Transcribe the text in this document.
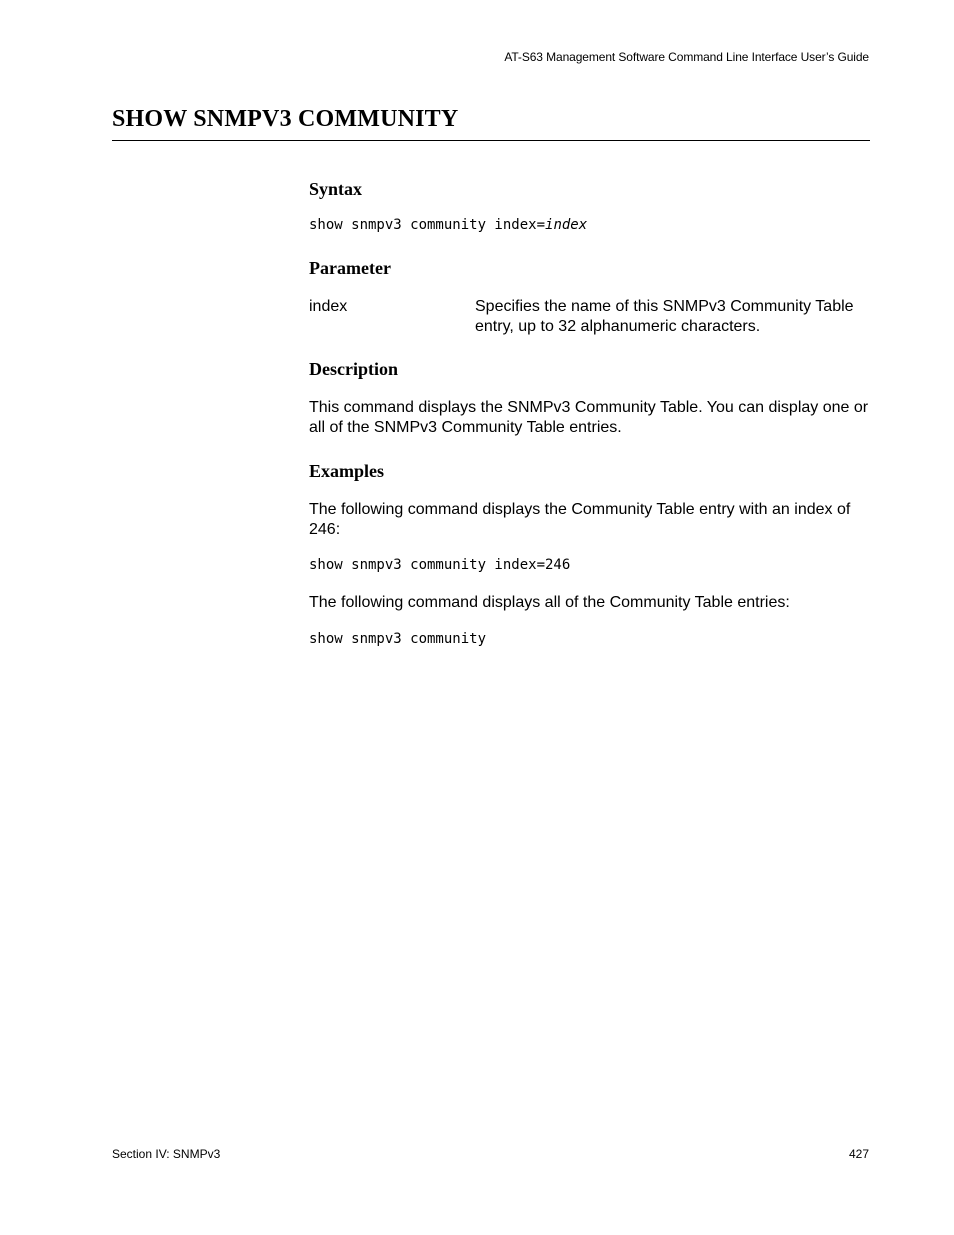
AT-S63 Management Software Command Line Interface User’s Guide
SHOW SNMPV3 COMMUNITY
Syntax
show snmpv3 community index=index
Parameter
index	Specifies the name of this SNMPv3 Community Table entry, up to 32 alphanumeric characters.
Description

This command displays the SNMPv3 Community Table. You can display one or all of the SNMPv3 Community Table entries.

Examples

The following command displays the Community Table entry with an index of 246:

show snmpv3 community index=246

The following command displays all of the Community Table entries:

show snmpv3 community
Section IV: SNMPv3	427
